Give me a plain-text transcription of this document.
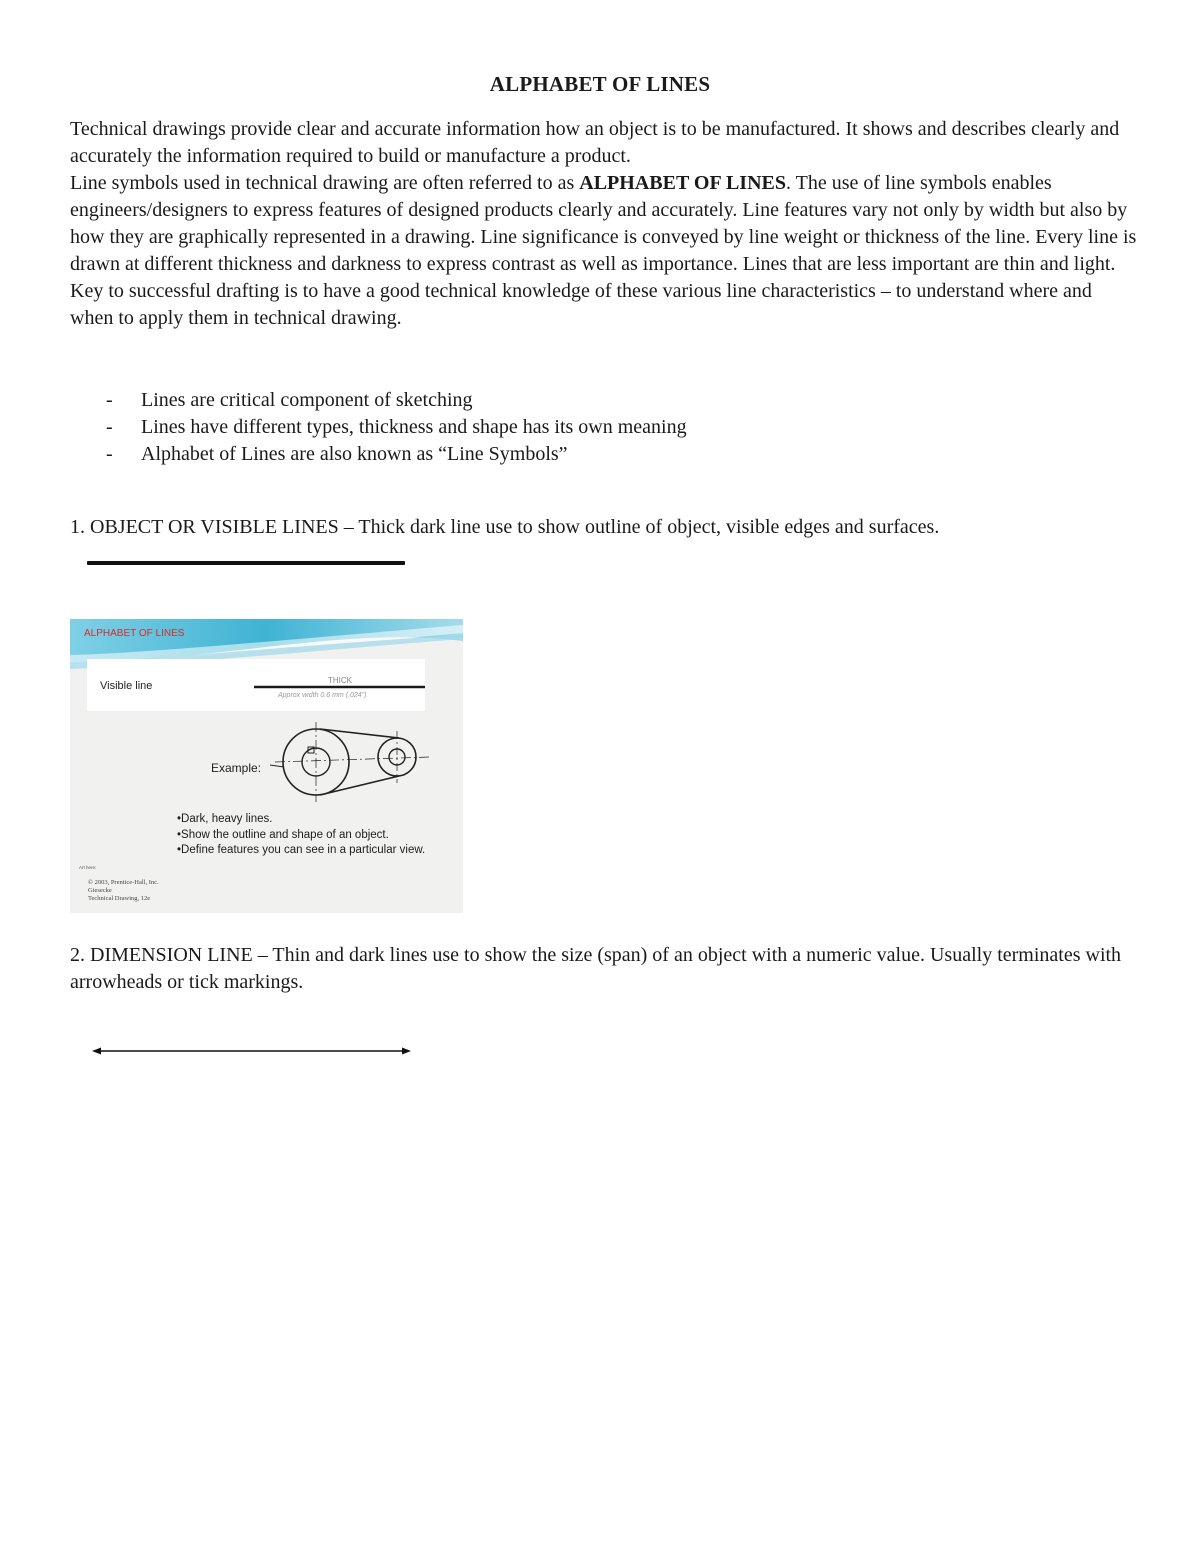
ALPHABET OF LINES
Technical drawings provide clear and accurate information how an object is to be manufactured. It shows and describes clearly and accurately the information required to build or manufacture a product.
Line symbols used in technical drawing are often referred to as ALPHABET OF LINES. The use of line symbols enables engineers/designers to express features of designed products clearly and accurately. Line features vary not only by width but also by how they are graphically represented in a drawing. Line significance is conveyed by line weight or thickness of the line. Every line is drawn at different thickness and darkness to express contrast as well as importance. Lines that are less important are thin and light. Key to successful drafting is to have a good technical knowledge of these various line characteristics – to understand where and when to apply them in technical drawing.
- Lines are critical component of sketching
- Lines have different types, thickness and shape has its own meaning
- Alphabet of Lines are also known as “Line Symbols”
1. OBJECT OR VISIBLE LINES – Thick dark line use to show outline of object, visible edges and surfaces.
ALPHABET OF LINES
Visible line	THICK
Approx width 0.6 mm (.024")
Example:
•Dark, heavy lines.
•Show the outline and shape of an object.
•Define features you can see in a particular view.
Art here:
© 2003, Prentice-Hall, Inc.
Giesecke
Technical Drawing, 12e
2. DIMENSION LINE – Thin and dark lines use to show the size (span) of an object with a numeric value. Usually terminates with arrowheads or tick markings.
